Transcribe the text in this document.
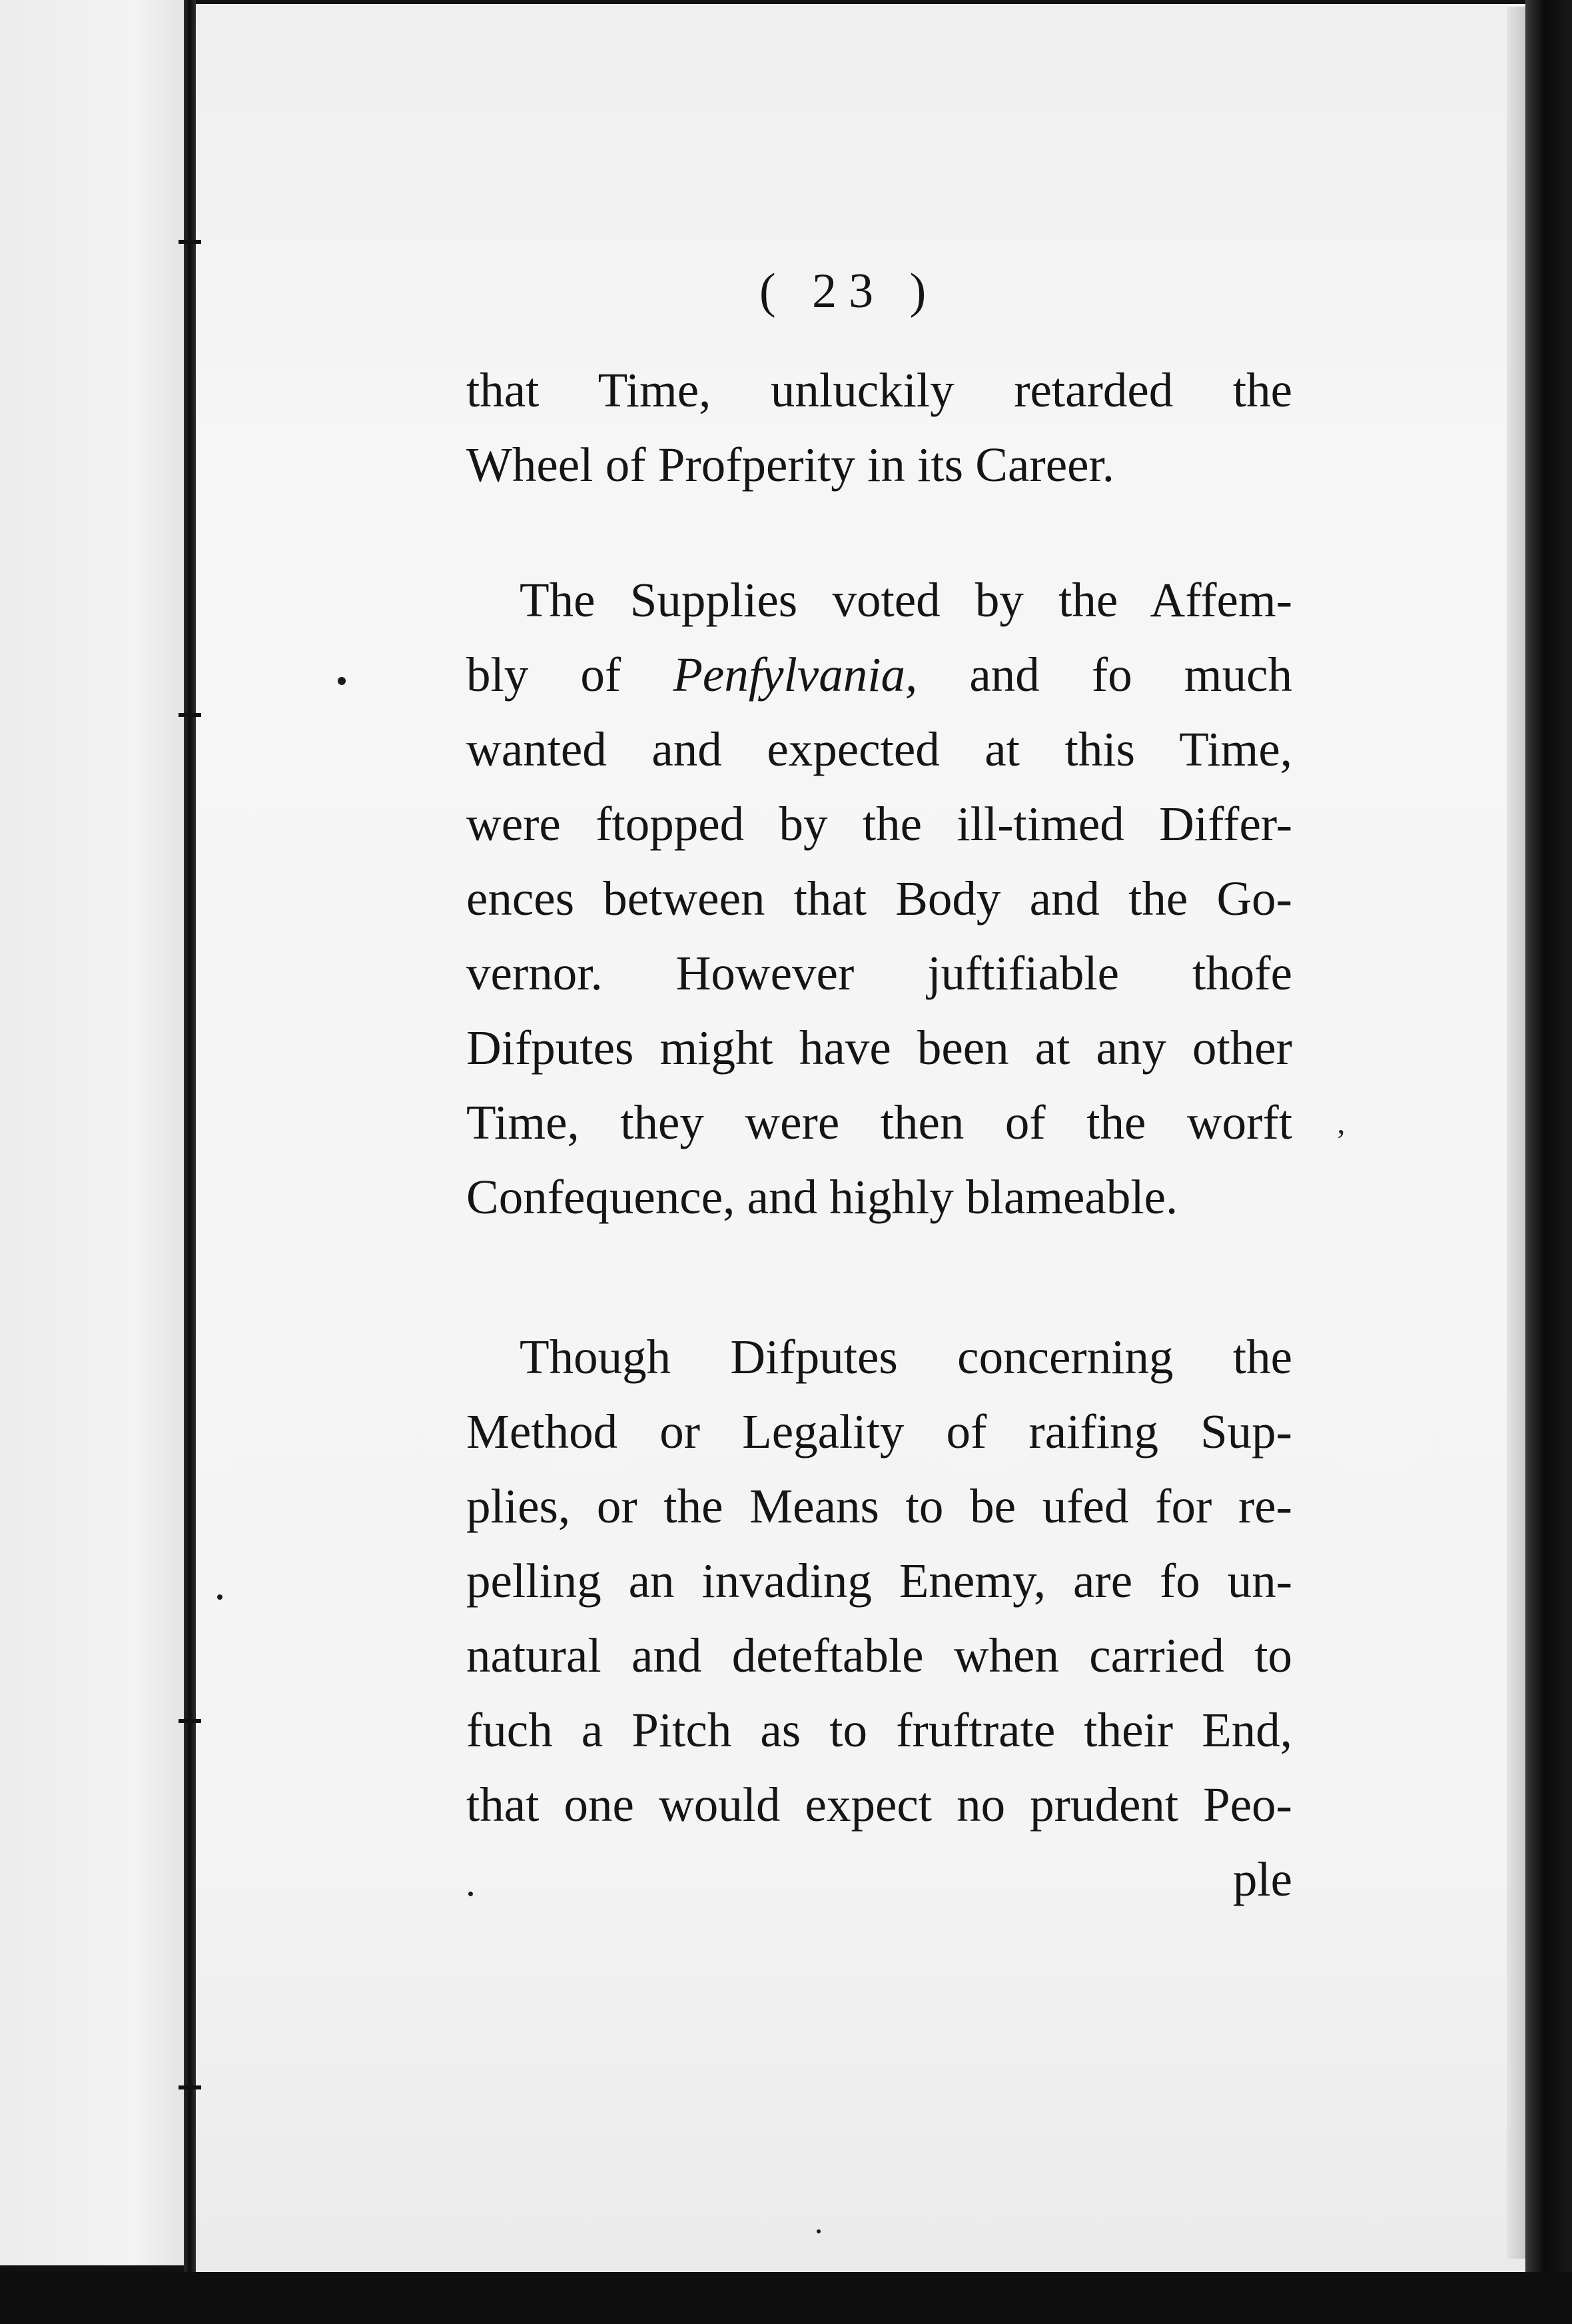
( 23 )
that Time, unluckily retarded the
Wheel of Profperity in its Career.
The Supplies voted by the Affem-
bly of Penfylvania, and fo much
wanted and expected at this Time,
were ftopped by the ill-timed Differ-
ences between that Body and the Go-
vernor. However juftifiable thofe
Difputes might have been at any other
Time, they were then of the worft
Confequence, and highly blameable.
Though Difputes concerning the
Method or Legality of raifing Sup-
plies, or the Means to be ufed for re-
pelling an invading Enemy, are fo un-
natural and deteftable when carried to
fuch a Pitch as to fruftrate their End,
that one would expect no prudent Peo-
ple
ʼ
